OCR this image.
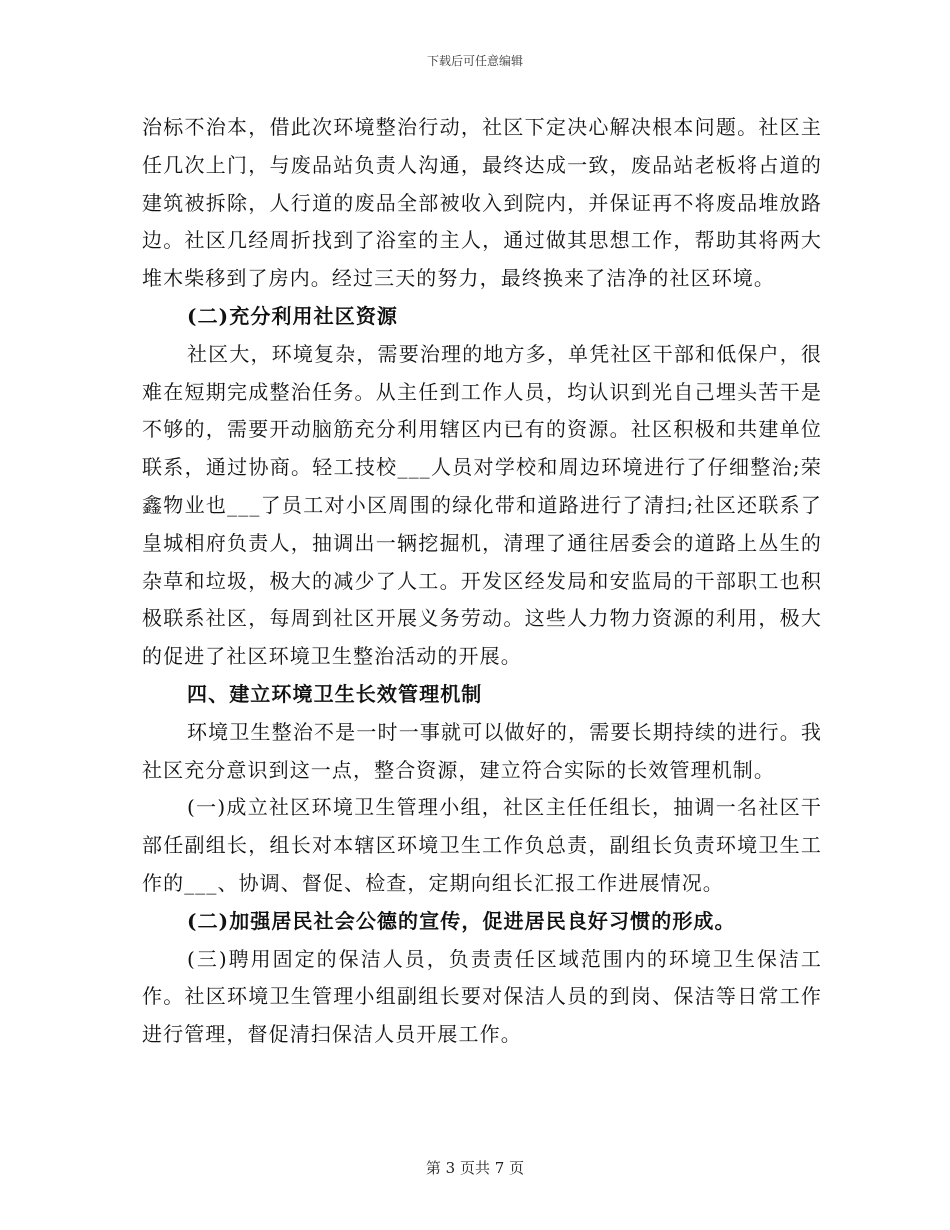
下载后可任意编辑

治标不治本，借此次环境整治行动，社区下定决心解决根本问题。社区主任几次上门，与废品站负责人沟通，最终达成一致，废品站老板将占道的建筑被拆除，人行道的废品全部被收入到院内，并保证再不将废品堆放路边。社区几经周折找到了浴室的主人，通过做其思想工作，帮助其将两大堆木柴移到了房内。经过三天的努力，最终换来了洁净的社区环境。

(二)充分利用社区资源

社区大，环境复杂，需要治理的地方多，单凭社区干部和低保户，很难在短期完成整治任务。从主任到工作人员，均认识到光自己埋头苦干是不够的，需要开动脑筋充分利用辖区内已有的资源。社区积极和共建单位联系，通过协商。轻工技校___人员对学校和周边环境进行了仔细整治;荣鑫物业也___了员工对小区周围的绿化带和道路进行了清扫;社区还联系了皇城相府负责人，抽调出一辆挖掘机，清理了通往居委会的道路上丛生的杂草和垃圾，极大的减少了人工。开发区经发局和安监局的干部职工也积极联系社区，每周到社区开展义务劳动。这些人力物力资源的利用，极大的促进了社区环境卫生整治活动的开展。

四、建立环境卫生长效管理机制

环境卫生整治不是一时一事就可以做好的，需要长期持续的进行。我社区充分意识到这一点，整合资源，建立符合实际的长效管理机制。

(一)成立社区环境卫生管理小组，社区主任任组长，抽调一名社区干部任副组长，组长对本辖区环境卫生工作负总责，副组长负责环境卫生工作的___、协调、督促、检查，定期向组长汇报工作进展情况。

(二)加强居民社会公德的宣传，促进居民良好习惯的形成。

(三)聘用固定的保洁人员，负责责任区域范围内的环境卫生保洁工作。社区环境卫生管理小组副组长要对保洁人员的到岗、保洁等日常工作进行管理，督促清扫保洁人员开展工作。

第 3 页共 7 页
